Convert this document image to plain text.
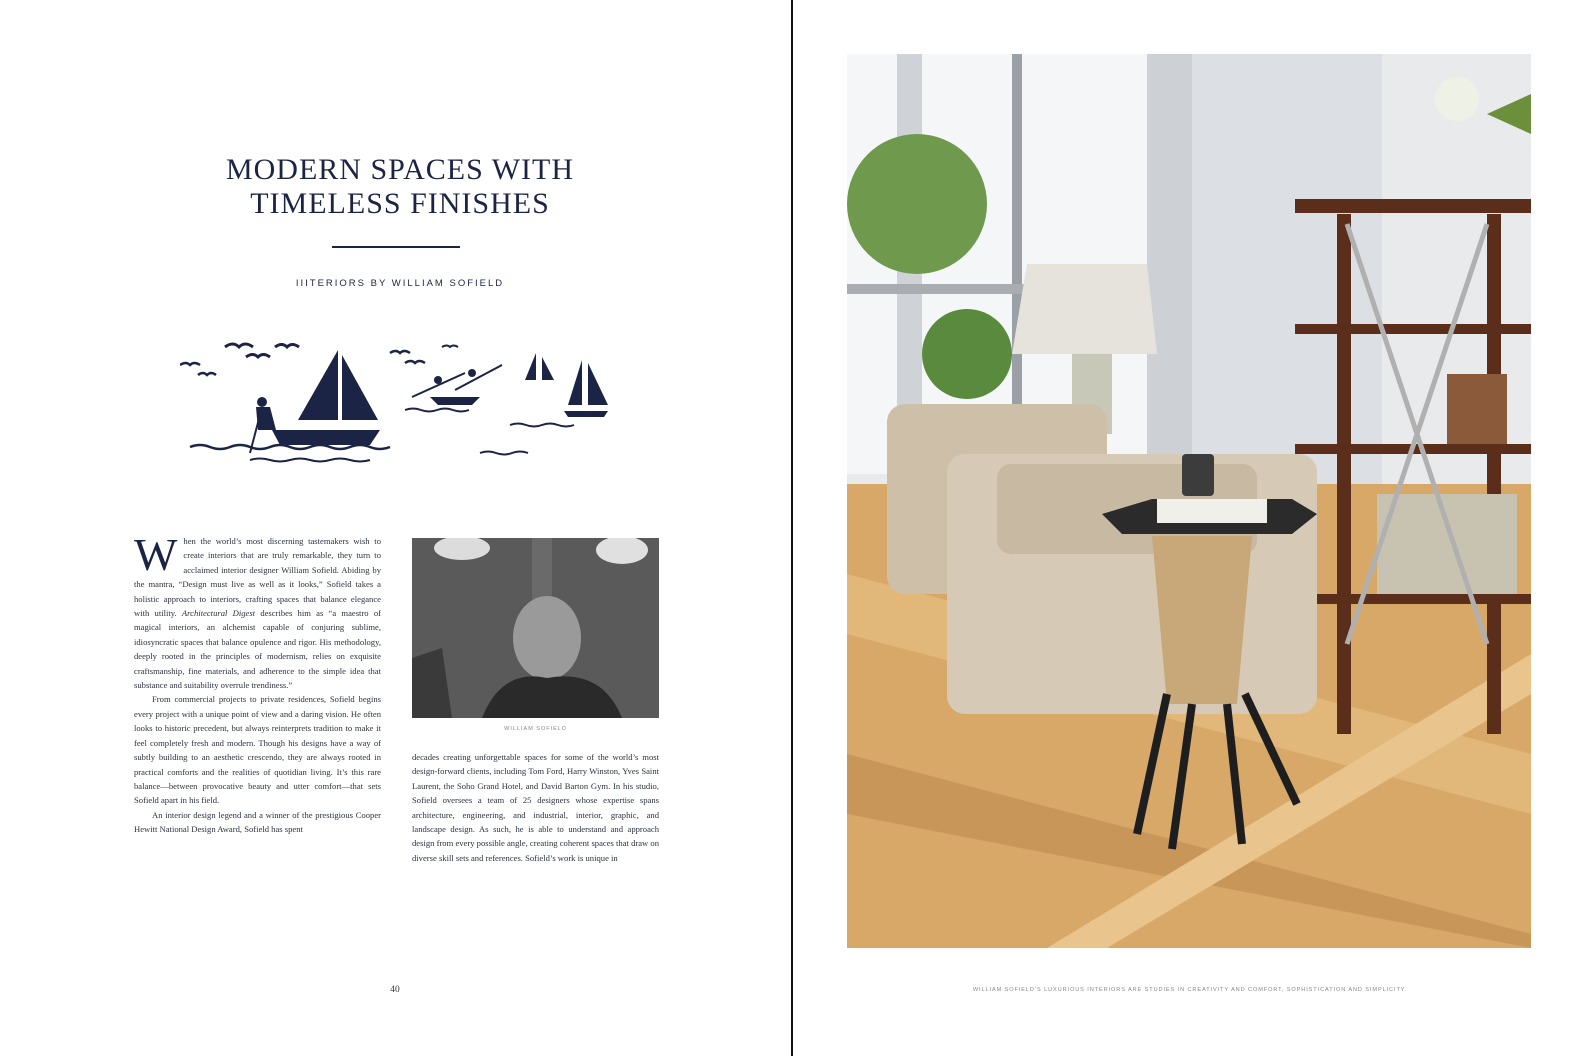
MODERN SPACES WITH
TIMELESS FINISHES
IIITERIORS BY WILLIAM SOFIELD

When the world’s most discerning tastemakers wish to create interiors that are truly remarkable, they turn to acclaimed interior designer William Sofield. Abiding by the mantra, “Design must live as well as it looks,” Sofield takes a holistic approach to interiors, crafting spaces that balance elegance with utility. Architectural Digest describes him as “a maestro of magical interiors, an alchemist capable of conjuring sublime, idiosyncratic spaces that balance opulence and rigor. His methodology, deeply rooted in the principles of modernism, relies on exquisite craftsmanship, fine materials, and adherence to the simple idea that substance and suitability overrule trendiness.”

From commercial projects to private residences, Sofield begins every project with a unique point of view and a daring vision. He often looks to historic precedent, but always reinterprets tradition to make it feel completely fresh and modern. Though his designs have a way of subtly building to an aesthetic crescendo, they are always rooted in practical comforts and the realities of quotidian living. It’s this rare balance—between provocative beauty and utter comfort—that sets Sofield apart in his field.

An interior design legend and a winner of the prestigious Cooper Hewitt National Design Award, Sofield has spent

WILLIAM SOFIELD

decades creating unforgettable spaces for some of the world’s most design-forward clients, including Tom Ford, Harry Winston, Yves Saint Laurent, the Soho Grand Hotel, and David Barton Gym. In his studio, Sofield oversees a team of 25 designers whose expertise spans architecture, engineering, and industrial, interior, graphic, and landscape design. As such, he is able to understand and approach design from every possible angle, creating coherent spaces that draw on diverse skill sets and references. Sofield’s work is unique in

40	WILLIAM SOFIELD’S LUXURIOUS INTERIORS ARE STUDIES IN CREATIVITY AND COMFORT, SOPHISTICATION AND SIMPLICITY.
